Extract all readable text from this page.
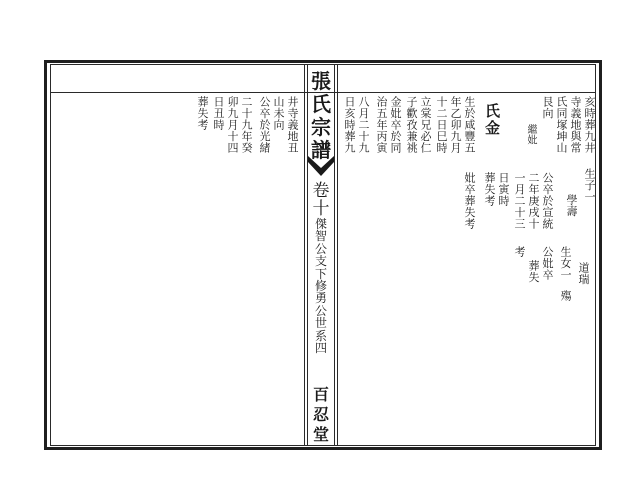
張氏宗譜
卷十
傑智公支下修勇公世系四
百忍堂
井寺義地丑
山未向
公卒於光緒
二十九年癸
卯九月十四
日丑時
葬失考	氏金	亥時葬九井
寺義地與常
氏同塚坤山
艮向
繼妣
生子一
學壽
公卒於宣統
二年庚戌十
一月二十三
日寅時
葬失考
妣卒葬失考
道瑞
生女一
殤
公妣卒
葬失
考
生於咸豐五
年乙卯九月
十二日巳時
立棠兄必仁
子歡孜兼祧
金妣卒於同
治五年丙寅
八月二十九
日亥時葬九
